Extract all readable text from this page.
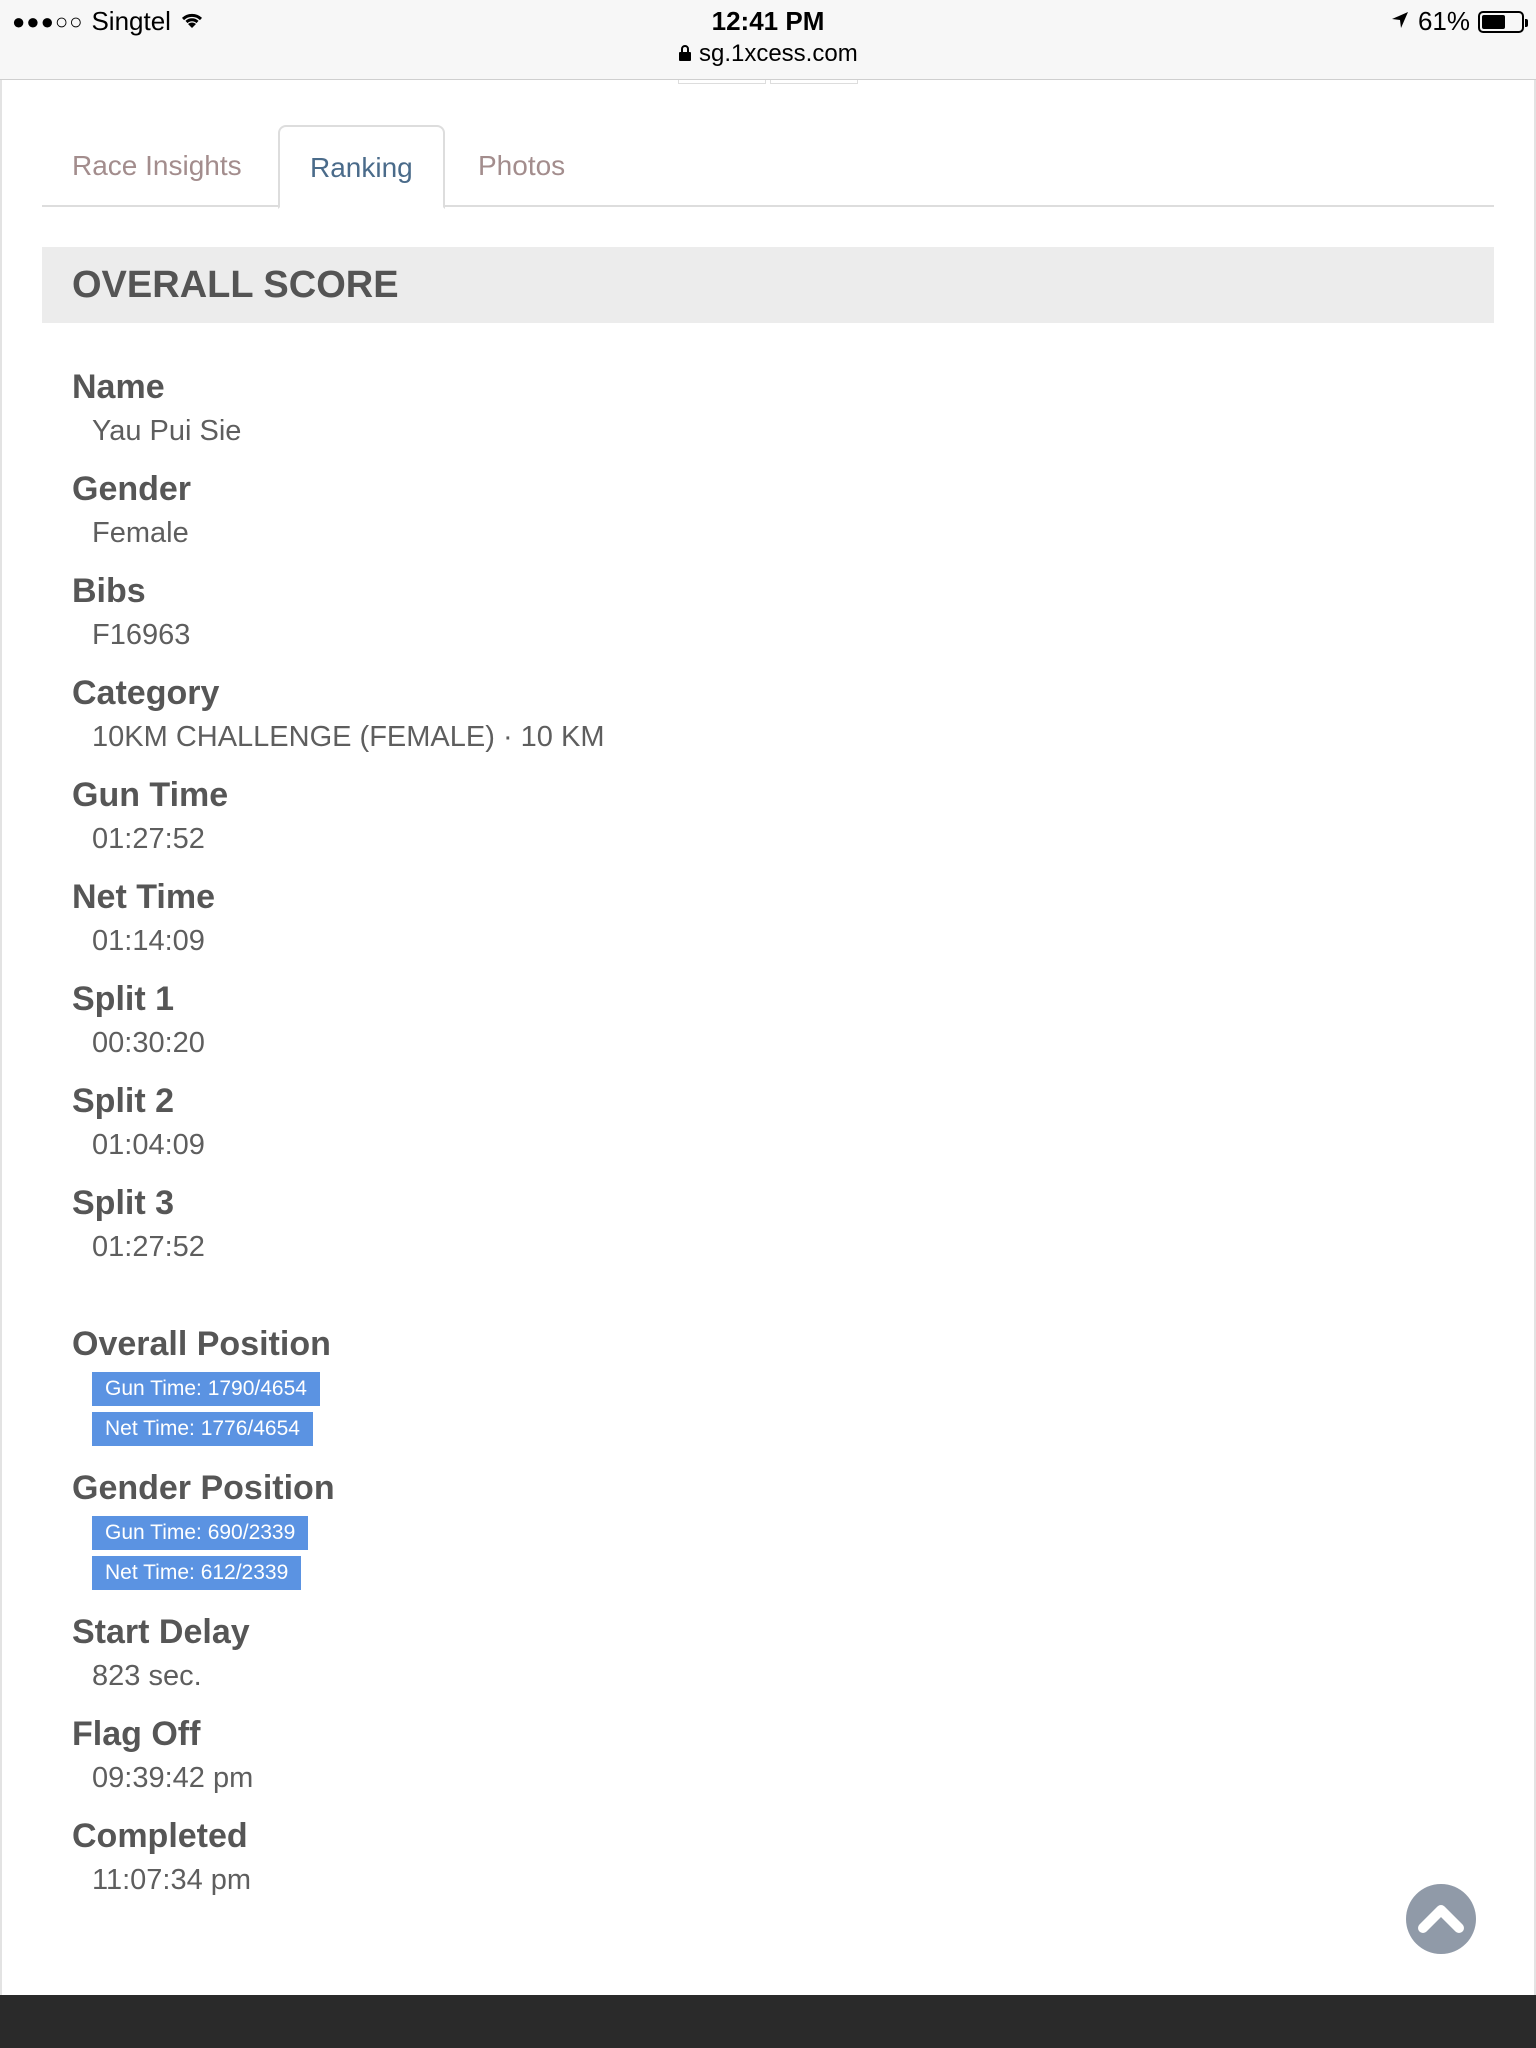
●●●○○ Singtel	12:41 PM
sg.1xcess.com
61%
Race Insights	Ranking	Photos
OVERALL SCORE
Name
Yau Pui Sie
Gender
Female
Bibs
F16963
Category
10KM CHALLENGE (FEMALE) · 10 KM
Gun Time
01:27:52
Net Time
01:14:09
Split 1
00:30:20
Split 2
01:04:09
Split 3
01:27:52
Overall Position
Gun Time: 1790/4654
Net Time: 1776/4654
Gender Position
Gun Time: 690/2339
Net Time: 612/2339
Start Delay
823 sec.
Flag Off
09:39:42 pm
Completed
11:07:34 pm
